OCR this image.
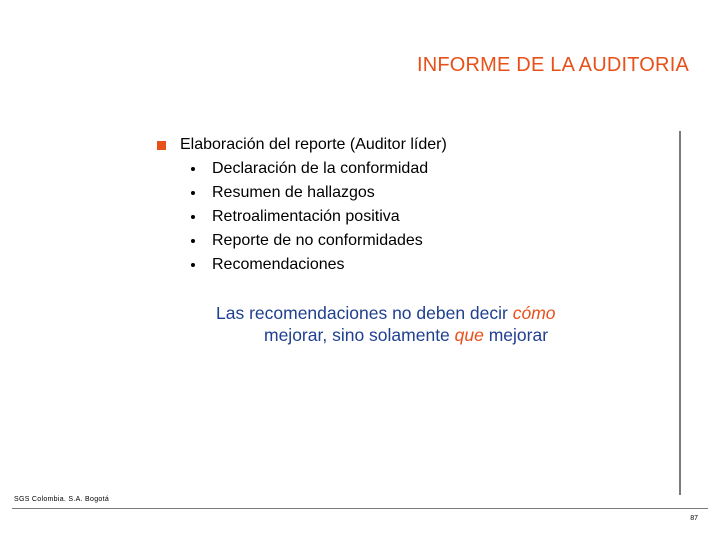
INFORME DE LA AUDITORIA
Elaboración del reporte (Auditor líder)
Declaración de la conformidad
Resumen de hallazgos
Retroalimentación positiva
Reporte de no conformidades
Recomendaciones
Las recomendaciones no deben decir cómo
mejorar, sino solamente que mejorar
SGS Colombia. S.A. Bogotá
87
